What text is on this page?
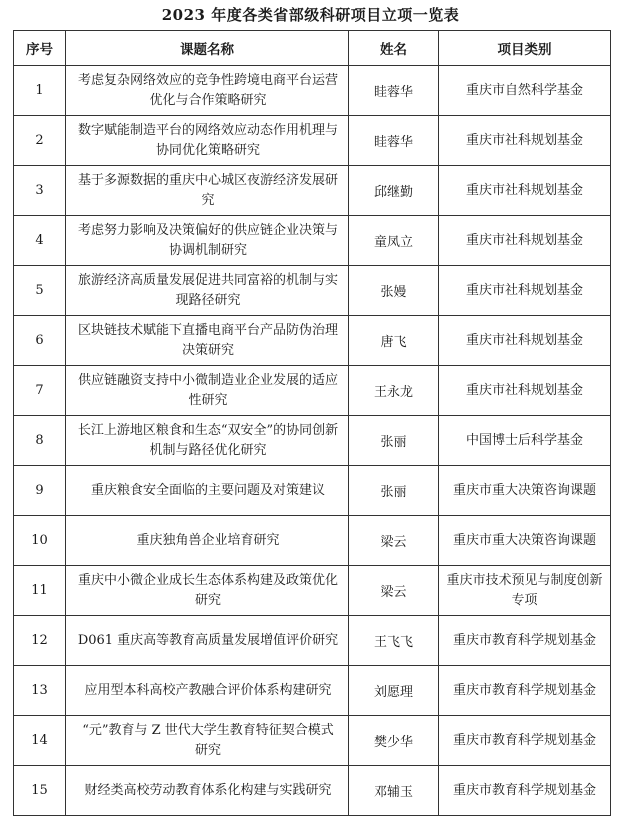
2023 年度各类省部级科研项目立项一览表
序号	课题名称	姓名	项目类别
1	考虑复杂网络效应的竞争性跨境电商平台运营优化与合作策略研究	眭蓉华	重庆市自然科学基金

2	数字赋能制造平台的网络效应动态作用机理与协同优化策略研究	眭蓉华	重庆市社科规划基金

3	基于多源数据的重庆中心城区夜游经济发展研究	邱继勤	重庆市社科规划基金

4	考虑努力影响及决策偏好的供应链企业决策与协调机制研究	童凤立	重庆市社科规划基金

5	旅游经济高质量发展促进共同富裕的机制与实现路径研究	张嫚	重庆市社科规划基金

6	区块链技术赋能下直播电商平台产品防伪治理决策研究	唐飞	重庆市社科规划基金

7	供应链融资支持中小微制造业企业发展的适应性研究	王永龙	重庆市社科规划基金

8	长江上游地区粮食和生态“双安全”的协同创新机制与路径优化研究	张丽	中国博士后科学基金

9	重庆粮食安全面临的主要问题及对策建议	张丽	重庆市重大决策咨询课题

10	重庆独角兽企业培育研究	梁云	重庆市重大决策咨询课题

11	重庆中小微企业成长生态体系构建及政策优化研究	梁云	重庆市技术预见与制度创新专项

12	D061 重庆高等教育高质量发展增值评价研究	王飞飞	重庆市教育科学规划基金

13	应用型本科高校产教融合评价体系构建研究	刘愿理	重庆市教育科学规划基金

14	“元”教育与 Z 世代大学生教育特征契合模式研究	樊少华	重庆市教育科学规划基金

15	财经类高校劳动教育体系化构建与实践研究	邓辅玉	重庆市教育科学规划基金
